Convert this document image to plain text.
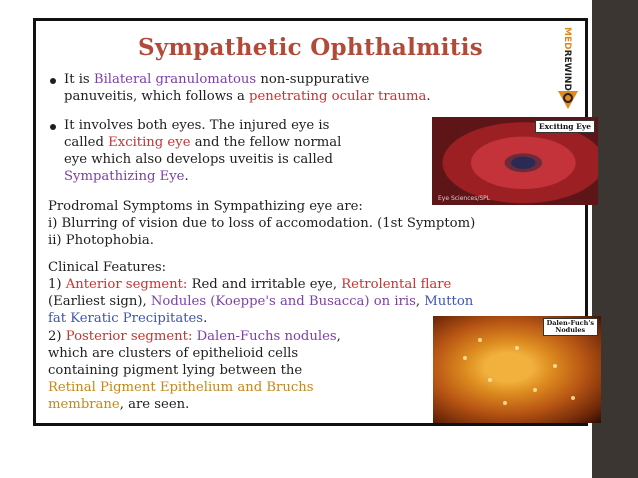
Sympathetic Ophthalmitis	MEDREWIND
It is Bilateral granulomatous non-suppurative
panuveitis, which follows a penetrating ocular trauma.
It involves both eyes. The injured eye is
called Exciting eye and the fellow normal
eye which also develops uveitis is called
Sympathizing Eye.
Exciting Eye
Eye Sciences/SPL
Prodromal Symptoms in Sympathizing eye are:
i) Blurring of vision due to loss of accomodation. (1st Symptom)
ii) Photophobia.
Clinical Features:
1) Anterior segment: Red and irritable eye, Retrolental flare
(Earliest sign), Nodules (Koeppe's and Busacca) on iris, Mutton
fat Keratic Precipitates.
2) Posterior segment: Dalen-Fuchs nodules,
which are clusters of epithelioid cells
containing pigment lying between the
Retinal Pigment Epithelium and Bruchs
membrane, are seen.
Dalen-Fuch's
Nodules
